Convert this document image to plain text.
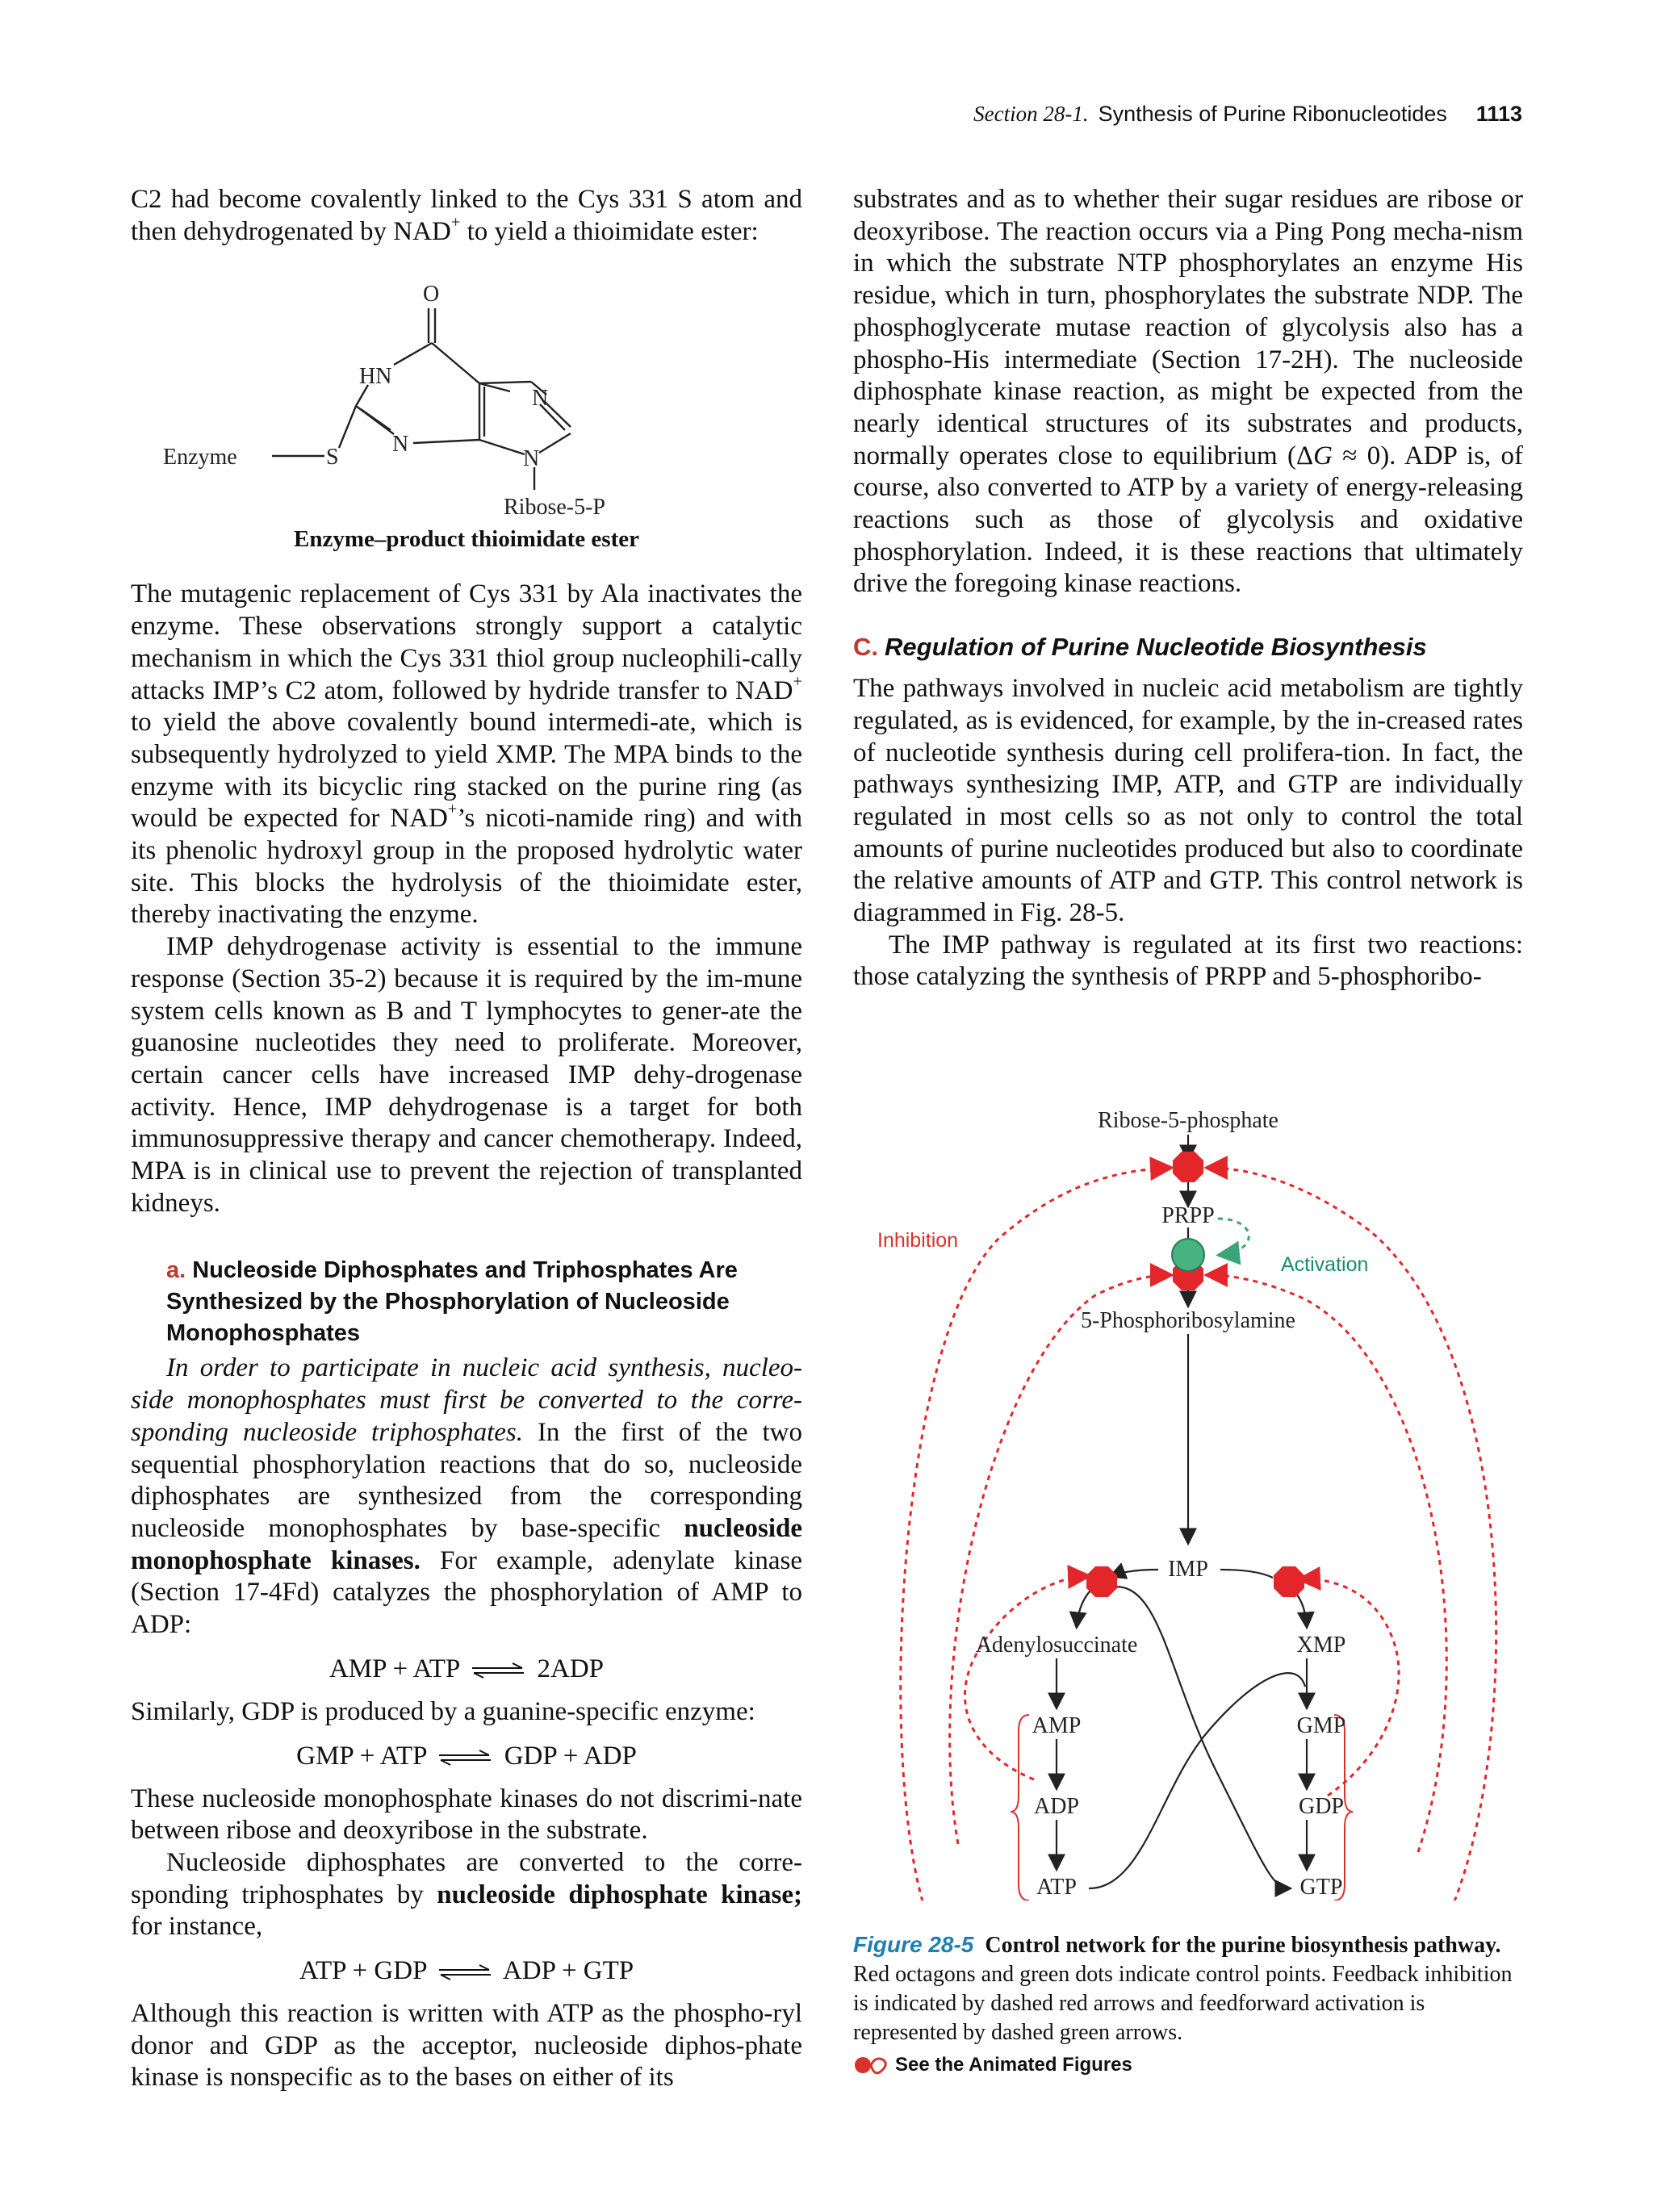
Section 28-1. Synthesis of Purine Ribonucleotides 1113

C2 had become covalently linked to the Cys 331 S atom and then dehydrogenated by NAD+ to yield a thioimidate ester:

O
HN
N
N
N
S
Enzyme
Ribose-5-P
Enzyme–product thioimidate ester

The mutagenic replacement of Cys 331 by Ala inactivates the enzyme. These observations strongly support a catalytic mechanism in which the Cys 331 thiol group nucleophili-cally attacks IMP’s C2 atom, followed by hydride transfer to NAD+ to yield the above covalently bound intermedi-ate, which is subsequently hydrolyzed to yield XMP. The MPA binds to the enzyme with its bicyclic ring stacked on the purine ring (as would be expected for NAD+’s nicoti-namide ring) and with its phenolic hydroxyl group in the proposed hydrolytic water site. This blocks the hydrolysis of the thioimidate ester, thereby inactivating the enzyme.

IMP dehydrogenase activity is essential to the immune response (Section 35-2) because it is required by the im-mune system cells known as B and T lymphocytes to gener-ate the guanosine nucleotides they need to proliferate. Moreover, certain cancer cells have increased IMP dehy-drogenase activity. Hence, IMP dehydrogenase is a target for both immunosuppressive therapy and cancer chemotherapy. Indeed, MPA is in clinical use to prevent the rejection of transplanted kidneys.

a. Nucleoside Diphosphates and Triphosphates Are Synthesized by the Phosphorylation of Nucleoside Monophosphates

In order to participate in nucleic acid synthesis, nucleo-side monophosphates must first be converted to the corre-sponding nucleoside triphosphates. In the first of the two sequential phosphorylation reactions that do so, nucleoside diphosphates are synthesized from the corresponding nucleoside monophosphates by base-specific nucleoside monophosphate kinases. For example, adenylate kinase (Section 17-4Fd) catalyzes the phosphorylation of AMP to ADP:

AMP + ATP ⇌ 2ADP

Similarly, GDP is produced by a guanine-specific enzyme:

GMP + ATP ⇌ GDP + ADP

These nucleoside monophosphate kinases do not discrimi-nate between ribose and deoxyribose in the substrate.

Nucleoside diphosphates are converted to the corre-sponding triphosphates by nucleoside diphosphate kinase; for instance,

ATP + GDP ⇌ ADP + GTP

Although this reaction is written with ATP as the phospho-ryl donor and GDP as the acceptor, nucleoside diphos-phate kinase is nonspecific as to the bases on either of its

substrates and as to whether their sugar residues are ribose or deoxyribose. The reaction occurs via a Ping Pong mecha-nism in which the substrate NTP phosphorylates an enzyme His residue, which in turn, phosphorylates the substrate NDP. The phosphoglycerate mutase reaction of glycolysis also has a phospho-His intermediate (Section 17-2H). The nucleoside diphosphate kinase reaction, as might be expected from the nearly identical structures of its substrates and products, normally operates close to equilibrium (ΔG ≈ 0). ADP is, of course, also converted to ATP by a variety of energy-releasing reactions such as those of glycolysis and oxidative phosphorylation. Indeed, it is these reactions that ultimately drive the foregoing kinase reactions.

C. Regulation of Purine Nucleotide Biosynthesis

The pathways involved in nucleic acid metabolism are tightly regulated, as is evidenced, for example, by the in-creased rates of nucleotide synthesis during cell prolifera-tion. In fact, the pathways synthesizing IMP, ATP, and GTP are individually regulated in most cells so as not only to control the total amounts of purine nucleotides produced but also to coordinate the relative amounts of ATP and GTP. This control network is diagrammed in Fig. 28-5.

The IMP pathway is regulated at its first two reactions: those catalyzing the synthesis of PRPP and 5-phosphoribo-

Ribose-5-phosphate
PRPP
5-Phosphoribosylamine
IMP
Adenylosuccinate	XMP
AMP
ADP
ATP
GMP
GDP
GTP
Inhibition
Activation
Figure 28-5 Control network for the purine biosynthesis pathway. Red octagons and green dots indicate control points. Feedback inhibition is indicated by dashed red arrows and feedforward activation is represented by dashed green arrows.
See the Animated Figures
